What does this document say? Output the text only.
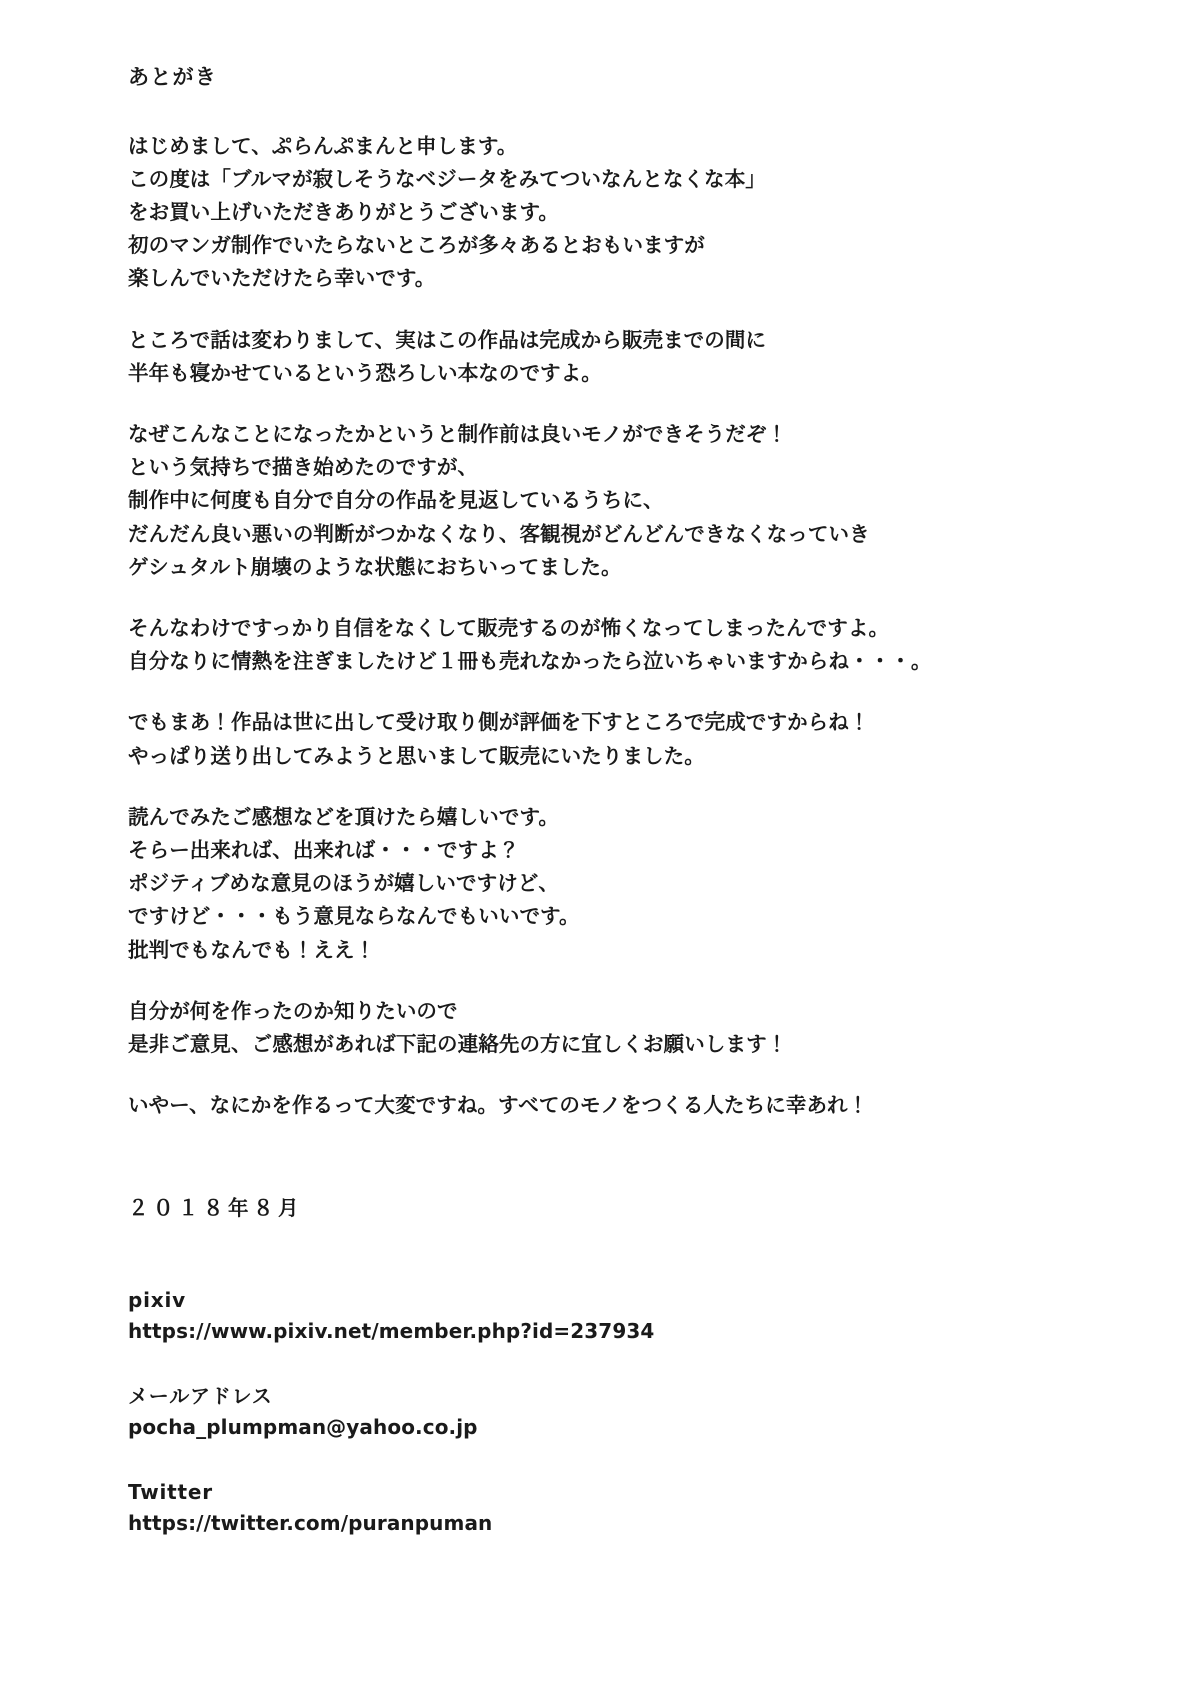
あとがき
はじめまして、ぷらんぷまんと申します。
この度は「ブルマが寂しそうなベジータをみてついなんとなくな本」
をお買い上げいただきありがとうございます。
初のマンガ制作でいたらないところが多々あるとおもいますが
楽しんでいただけたら幸いです。
ところで話は変わりまして、実はこの作品は完成から販売までの間に
半年も寝かせているという恐ろしい本なのですよ。
なぜこんなことになったかというと制作前は良いモノができそうだぞ！
という気持ちで描き始めたのですが、
制作中に何度も自分で自分の作品を見返しているうちに、
だんだん良い悪いの判断がつかなくなり、客観視がどんどんできなくなっていき
ゲシュタルト崩壊のような状態におちいってました。
そんなわけですっかり自信をなくして販売するのが怖くなってしまったんですよ。
自分なりに情熱を注ぎましたけど１冊も売れなかったら泣いちゃいますからね・・・。
でもまあ！作品は世に出して受け取り側が評価を下すところで完成ですからね！
やっぱり送り出してみようと思いまして販売にいたりました。
読んでみたご感想などを頂けたら嬉しいです。
そらー出来れば、出来れば・・・ですよ？
ポジティブめな意見のほうが嬉しいですけど、
ですけど・・・もう意見ならなんでもいいです。
批判でもなんでも！ええ！
自分が何を作ったのか知りたいので
是非ご意見、ご感想があれば下記の連絡先の方に宜しくお願いします！
いやー、なにかを作るって大変ですね。すべてのモノをつくる人たちに幸あれ！
２０１８年８月
pixiv
https://www.pixiv.net/member.php?id=237934
メールアドレス
pocha_plumpman@yahoo.co.jp
Twitter
https://twitter.com/puranpuman
